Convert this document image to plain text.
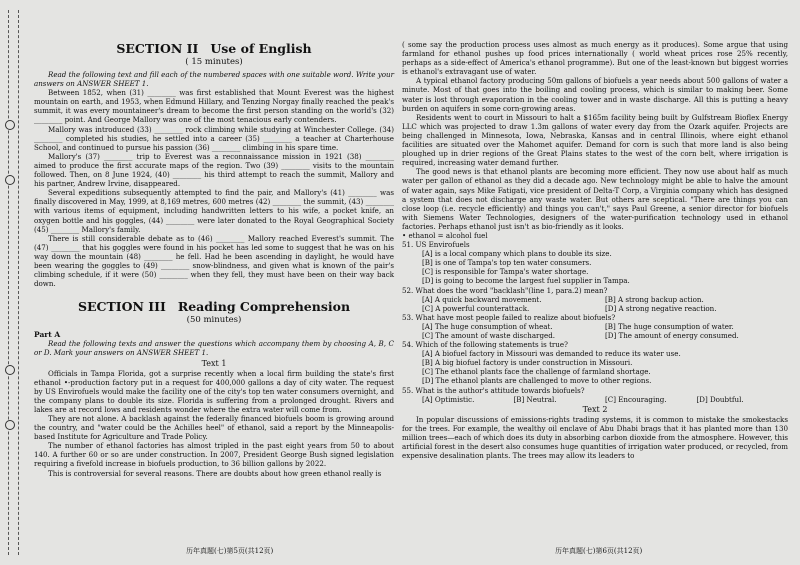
SECTION II Use of English
( 15 minutes)

Read the following text and fill each of the numbered spaces with one suitable word. Write your answers on ANSWER SHEET 1.

Between 1852, when (31) ________ was first established that Mount Everest was the highest mountain on earth, and 1953, when Edmund Hillary, and Tenzing Norgay finally reached the peak's summit, it was every mountaineer's dream to become the first person standing on the world's (32) ________ point. And George Mallory was one of the most tenacious early contenders.

Mallory was introduced (33) ________ rock climbing while studying at Winchester College. (34) ________ completed his studies, he settled into a career (35) ________ a teacher at Charterhouse School, and continued to pursue his passion (36) ________ climbing in his spare time.

Mallory's (37) ________ trip to Everest was a reconnaissance mission in 1921 (38) ________ aimed to produce the first accurate maps of the region. Two (39) ________ visits to the mountain followed. Then, on 8 June 1924, (40) ________ his third attempt to reach the summit, Mallory and his partner, Andrew Irvine, disappeared.

Several expeditions subsequently attempted to find the pair, and Mallory's (41) ________ was finally discovered in May, 1999, at 8,169 metres, 600 metres (42) ________ the summit, (43) ________ with various items of equipment, including handwritten letters to his wife, a pocket knife, an oxygen bottle and his goggles, (44) ________ were later donated to the Royal Geographical Society (45) ________ Mallory's family.

There is still considerable debate as to (46) ________ Mallory reached Everest's summit. The (47) ________ that his goggles were found in his pocket has led some to suggest that he was on his way down the mountain (48) ________ he fell. Had he been ascending in daylight, he would have been wearing the goggles to (49) ________ snow-blindness, and given what is known of the pair's climbing schedule, if it were (50) ________ when they fell, they must have been on their way back down.

SECTION III Reading Comprehension
(50 minutes)
Part A

Read the following texts and answer the questions which accompany them by choosing A, B, C or D. Mark your answers on ANSWER SHEET 1.

Text 1

Officials in Tampa Florida, got a surprise recently when a local firm building the state's first ethanol •-production factory put in a request for 400,000 gallons a day of city water. The request by US Envirofuels would make the facility one of the city's top ten water consumers overnight, and the company plans to double its size. Florida is suffering from a prolonged drought. Rivers and lakes are at record lows and residents wonder where the extra water will come from.

They are not alone. A backlash against the federally financed biofuels boom is growing around the country, and "water could be the Achilles heel" of ethanol, said a report by the Minneapolis-based Institute for Agriculture and Trade Policy.

The number of ethanol factories has almost tripled in the past eight years from 50 to about 140. A further 60 or so are under construction. In 2007, President George Bush signed legislation requiring a fivefold increase in biofuels production, to 36 billion gallons by 2022.

This is controversial for several reasons. There are doubts about how green ethanol really is

( some say the production process uses almost as much energy as it produces). Some argue that using farmland for ethanol pushes up food prices internationally ( world wheat prices rose 25% recently, perhaps as a side-effect of America's ethanol programme). But one of the least-known but biggest worries is ethanol's extravagant use of water.

A typical ethanol factory producing 50m gallons of biofuels a year needs about 500 gallons of water a minute. Most of that goes into the boiling and cooling process, which is similar to making beer. Some water is lost through evaporation in the cooling tower and in waste discharge. All this is putting a heavy burden on aquifers in some corn-growing areas.

Residents went to court in Missouri to halt a $165m facility being built by Gulfstream Bioflex Energy LLC which was projected to draw 1.3m gallons of water every day from the Ozark aquifer. Projects are being challenged in Minnesota, Iowa, Nebraska, Kansas and in central Illinois, where eight ethanol facilities are situated over the Mahomet aquifer. Demand for corn is such that more land is also being ploughed up in drier regions of the Great Plains states to the west of the corn belt, where irrigation is required, increasing water demand further.

The good news is that ethanol plants are becoming more efficient. They now use about half as much water per gallon of ethanol as they did a decade ago. New technology might be able to halve the amount of water again, says Mike Fatigati, vice president of Delta-T Corp, a Virginia company which has designed a system that does not discharge any waste water. But others are sceptical. "There are things you can close loop (i.e. recycle efficiently) and things you can't," says Paul Greene, a senior director for biofuels with Siemens Water Technologies, designers of the water-purification technology used in ethanol factories. Perhaps ethanol just isn't as bio-friendly as it looks.

• ethanol = alcohol fuel

51. US Envirofuels

[A] is a local company which plans to double its size.

[B] is one of Tampa's top ten water consumers.

[C] is responsible for Tampa's water shortage.

[D] is going to become the largest fuel supplier in Tampa.

52. What does the word "backlash"(line 1, para.2) mean?

[A] A quick backward movement.	[B] A strong backup action.
[C] A powerful counterattack.	[D] A strong negative reaction.

53. What have most people failed to realize about biofuels?

[A] The huge consumption of wheat.	[B] The huge consumption of water.
[C] The amount of waste discharged.	[D] The amount of energy consumed.

54. Which of the following statements is true?

[A] A biofuel factory in Missouri was demanded to reduce its water use.

[B] A big biofuel factory is under construction in Missouri.

[C] The ethanol plants face the challenge of farmland shortage.

[D] The ethanol plants are challenged to move to other regions.

55. What is the author's attitude towards biofuels?

[A] Optimistic.	[B] Neutral.	[C] Encouraging.	[D] Doubtful.
Text 2

In popular discussions of emissions-rights trading systems, it is common to mistake the smokestacks for the trees. For example, the wealthy oil enclave of Abu Dhabi brags that it has planted more than 130 million trees—each of which does its duty in absorbing carbon dioxide from the atmosphere. However, this artificial forest in the desert also consumes huge quantities of irrigation water produced, or recycled, from expensive desalination plants. The trees may allow its leaders to

历年真题(七)第5页(共12页)	历年真题(七)第6页(共12页)
